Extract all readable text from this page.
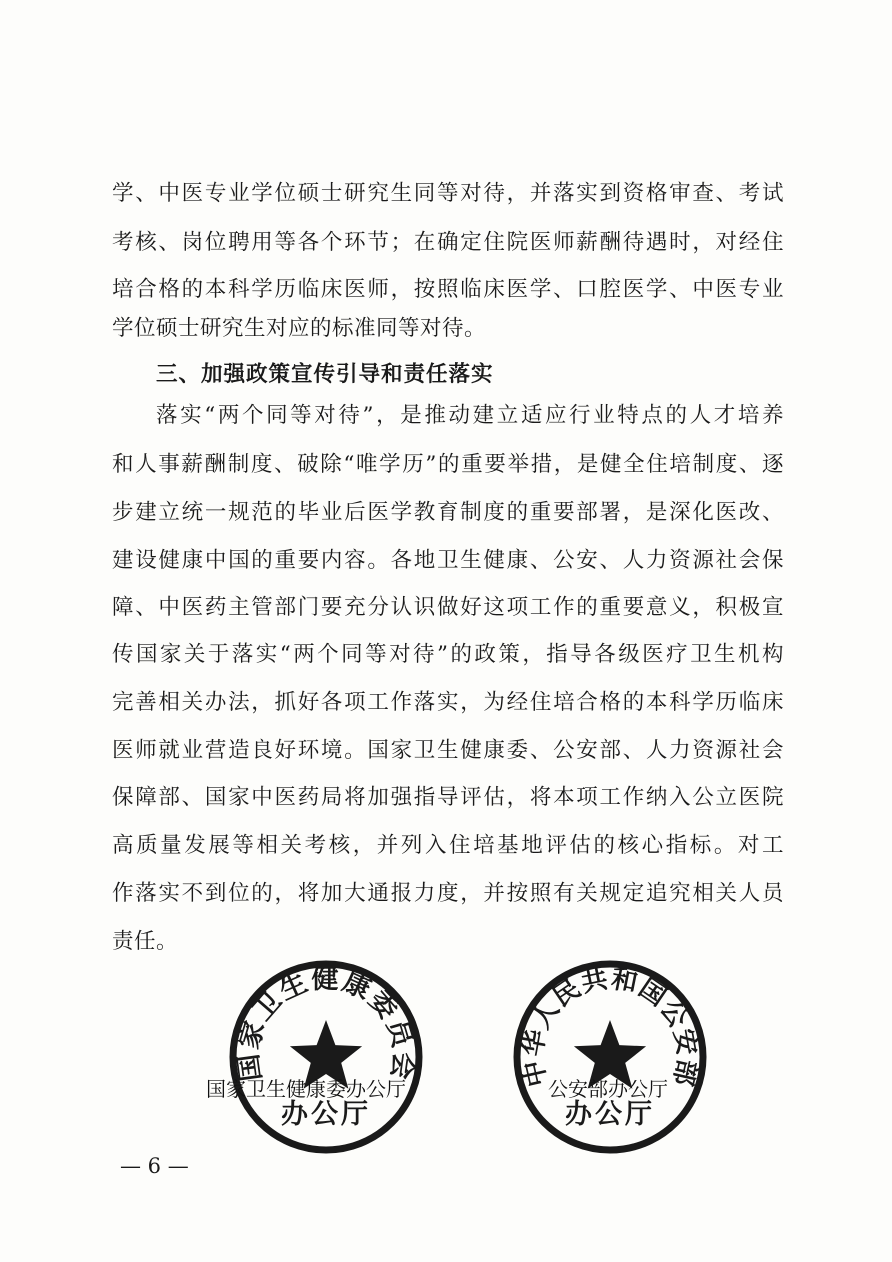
学、中医专业学位硕士研究生同等对待，并落实到资格审查、考试
考核、岗位聘用等各个环节；在确定住院医师薪酬待遇时，对经住
培合格的本科学历临床医师，按照临床医学、口腔医学、中医专业
学位硕士研究生对应的标准同等对待。
三、加强政策宣传引导和责任落实
落实“两个同等对待”，是推动建立适应行业特点的人才培养
和人事薪酬制度、破除“唯学历”的重要举措，是健全住培制度、逐
步建立统一规范的毕业后医学教育制度的重要部署，是深化医改、
建设健康中国的重要内容。各地卫生健康、公安、人力资源社会保
障、中医药主管部门要充分认识做好这项工作的重要意义，积极宣
传国家关于落实“两个同等对待”的政策，指导各级医疗卫生机构
完善相关办法，抓好各项工作落实，为经住培合格的本科学历临床
医师就业营造良好环境。国家卫生健康委、公安部、人力资源社会
保障部、国家中医药局将加强指导评估，将本项工作纳入公立医院
高质量发展等相关考核，并列入住培基地评估的核心指标。对工
作落实不到位的，将加大通报力度，并按照有关规定追究相关人员
责任。
国家卫生健康委员会
办公厅
中华人民共和国公安部
办公厅
国家卫生健康委办公厅	公安部办公厅
— 6 —
